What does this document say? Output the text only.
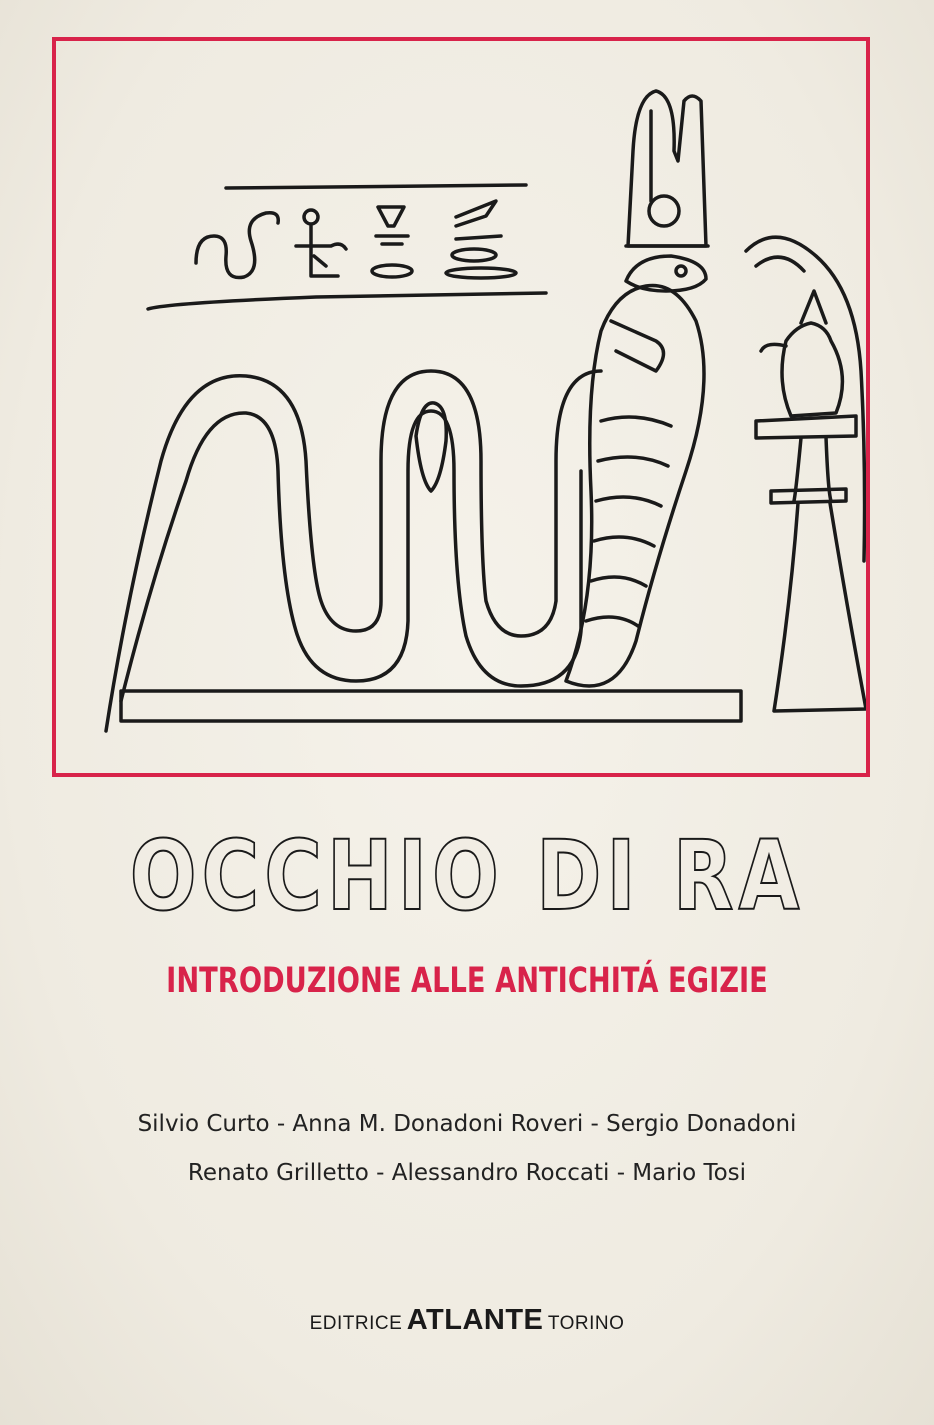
OCCHIO DI RA
INTRODUZIONE ALLE ANTICHITÁ EGIZIE
Silvio Curto - Anna M. Donadoni Roveri - Sergio Donadoni
Renato Grilletto - Alessandro Roccati - Mario Tosi
EDITRICE ATLANTE TORINO
